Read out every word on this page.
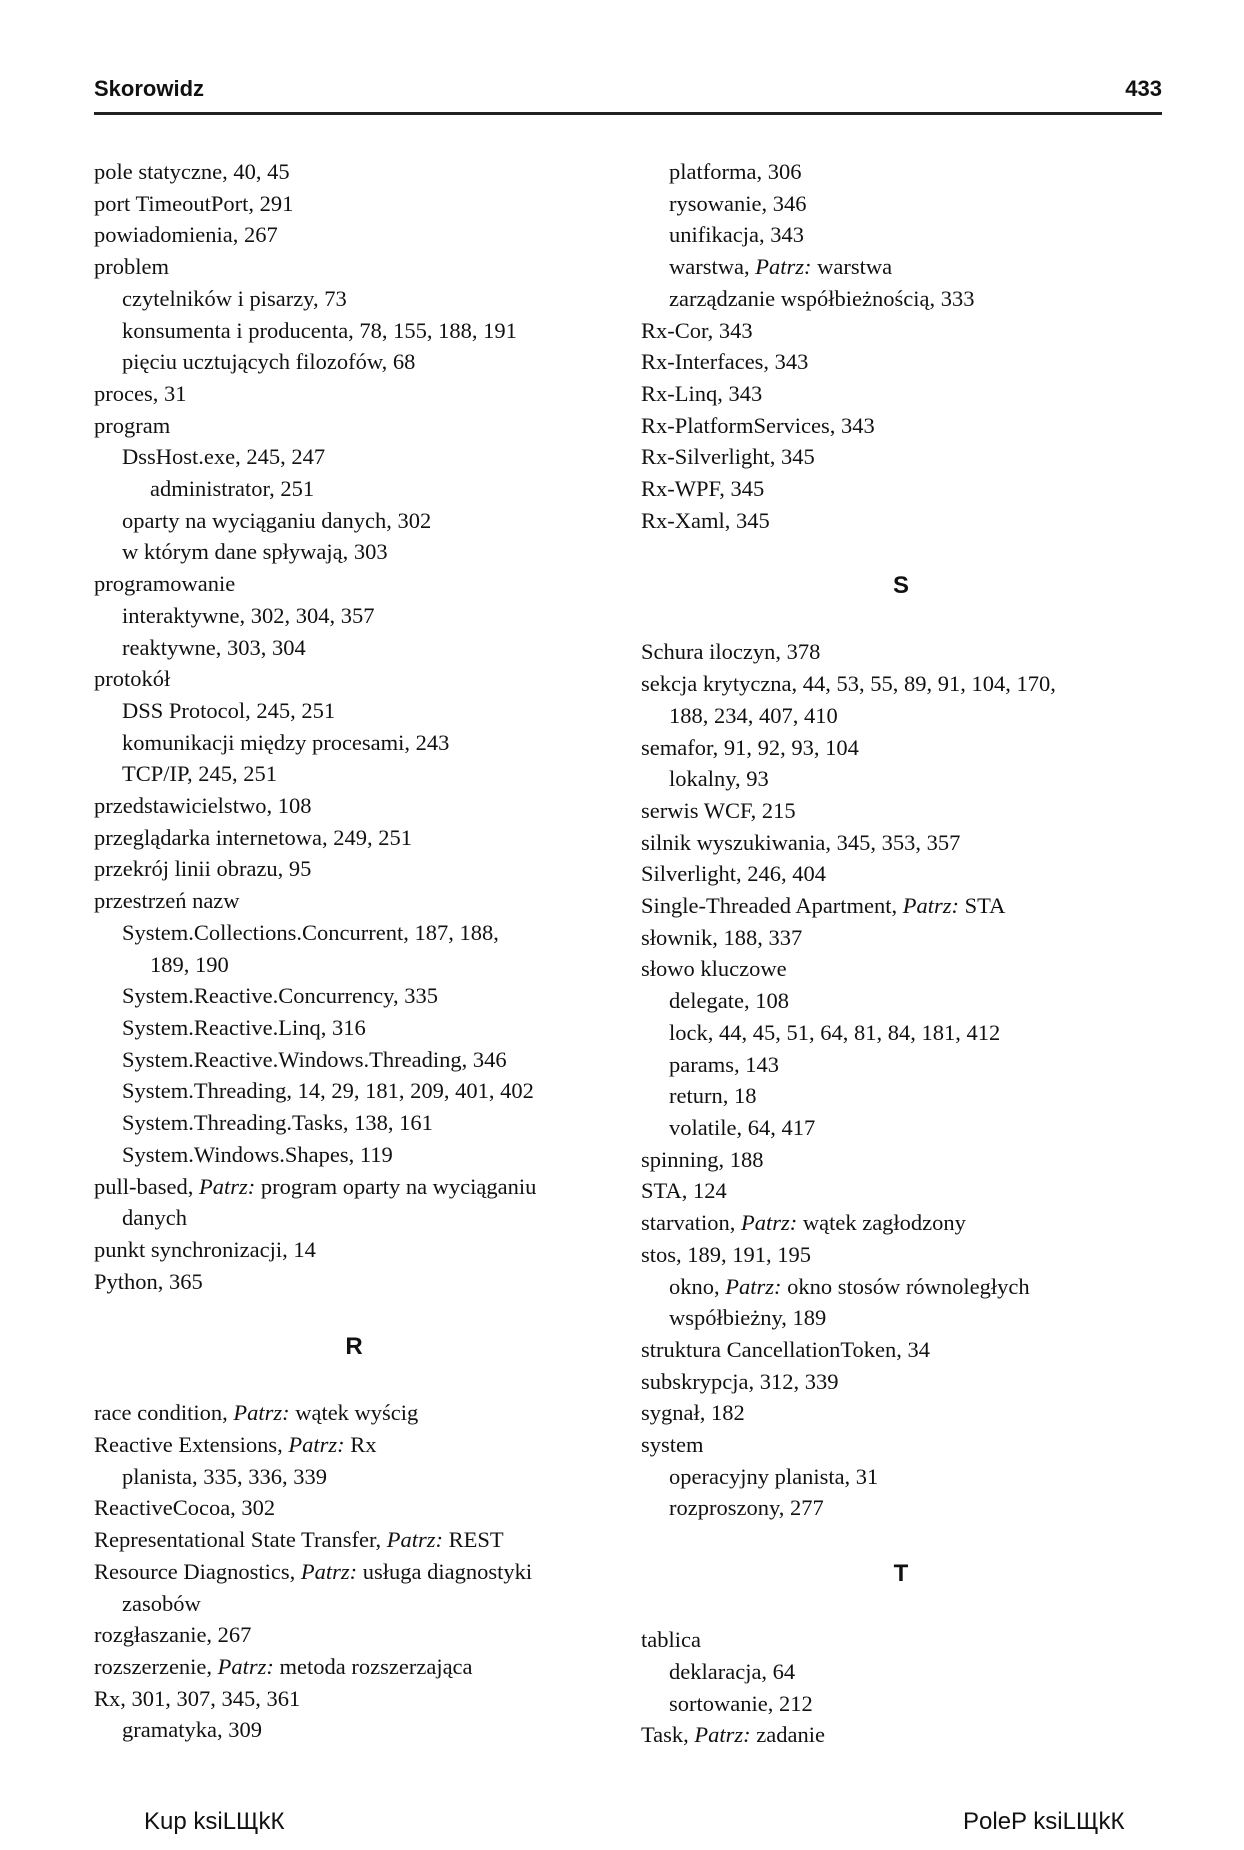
Skorowidz	433
pole statyczne, 40, 45
port TimeoutPort, 291
powiadomienia, 267
problem
czytelników i pisarzy, 73
konsumenta i producenta, 78, 155, 188, 191
pięciu ucztujących filozofów, 68
proces, 31
program
DssHost.exe, 245, 247
administrator, 251
oparty na wyciąganiu danych, 302
w którym dane spływają, 303
programowanie
interaktywne, 302, 304, 357
reaktywne, 303, 304
protokół
DSS Protocol, 245, 251
komunikacji między procesami, 243
TCP/IP, 245, 251
przedstawicielstwo, 108
przeglądarka internetowa, 249, 251
przekrój linii obrazu, 95
przestrzeń nazw
System.Collections.Concurrent, 187, 188,
189, 190
System.Reactive.Concurrency, 335
System.Reactive.Linq, 316
System.Reactive.Windows.Threading, 346
System.Threading, 14, 29, 181, 209, 401, 402
System.Threading.Tasks, 138, 161
System.Windows.Shapes, 119
pull-based, Patrz: program oparty na wyciąganiu
danych
punkt synchronizacji, 14
Python, 365
R
race condition, Patrz: wątek wyścig
Reactive Extensions, Patrz: Rx
planista, 335, 336, 339
ReactiveCocoa, 302
Representational State Transfer, Patrz: REST
Resource Diagnostics, Patrz: usługa diagnostyki
zasobów
rozgłaszanie, 267
rozszerzenie, Patrz: metoda rozszerzająca
Rx, 301, 307, 345, 361
gramatyka, 309
platforma, 306
rysowanie, 346
unifikacja, 343
warstwa, Patrz: warstwa
zarządzanie współbieżnością, 333
Rx-Cor, 343
Rx-Interfaces, 343
Rx-Linq, 343
Rx-PlatformServices, 343
Rx-Silverlight, 345
Rx-WPF, 345
Rx-Xaml, 345
S
Schura iloczyn, 378
sekcja krytyczna, 44, 53, 55, 89, 91, 104, 170,
188, 234, 407, 410
semafor, 91, 92, 93, 104
lokalny, 93
serwis WCF, 215
silnik wyszukiwania, 345, 353, 357
Silverlight, 246, 404
Single-Threaded Apartment, Patrz: STA
słownik, 188, 337
słowo kluczowe
delegate, 108
lock, 44, 45, 51, 64, 81, 84, 181, 412
params, 143
return, 18
volatile, 64, 417
spinning, 188
STA, 124
starvation, Patrz: wątek zagłodzony
stos, 189, 191, 195
okno, Patrz: okno stosów równoległych
współbieżny, 189
struktura CancellationToken, 34
subskrypcja, 312, 339
sygnał, 182
system
operacyjny planista, 31
rozproszony, 277
T
tablica
deklaracja, 64
sortowanie, 212
Task, Patrz: zadanie
Kup ksiLЩkК	PoleP ksiLЩkК
